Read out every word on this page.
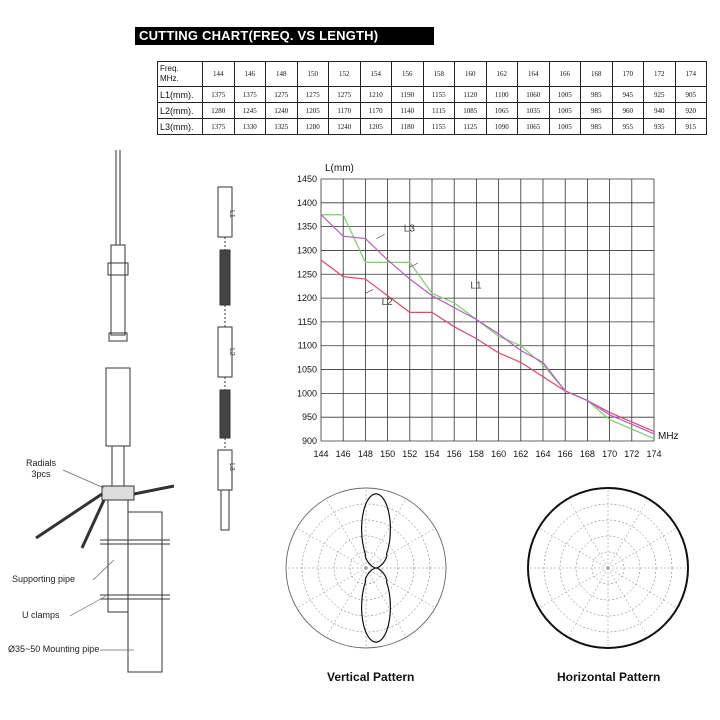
CUTTING CHART(FREQ. VS LENGTH)
Freq.
MHz.	144	146	148	150	152	154	156	158	160	162	164	166	168	170	172	174
L1(mm).	1375	1375	1275	1275	1275	1210	1190	1155	1120	1100	1060	1005	985	945	925	905
L2(mm).	1280	1245	1240	1205	1170	1170	1140	1115	1085	1065	1035	1005	985	960	940	920
L3(mm).	1375	1330	1325	1280	1240	1205	1180	1155	1125	1090	1065	1005	985	955	935	915
L1
L2
L3
Radials
3pcs
Supporting pipe
U clamps
Ø35~50 Mounting pipe
144 146 148 150 152 154 156 158 160 162 164 166 168 170 172 174
900
950
1000
1050
1100
1150
1200
1250
1300
1350
1400
1450
L(mm)
MHz
L1
L2
L3
Vertical Pattern	Horizontal Pattern
